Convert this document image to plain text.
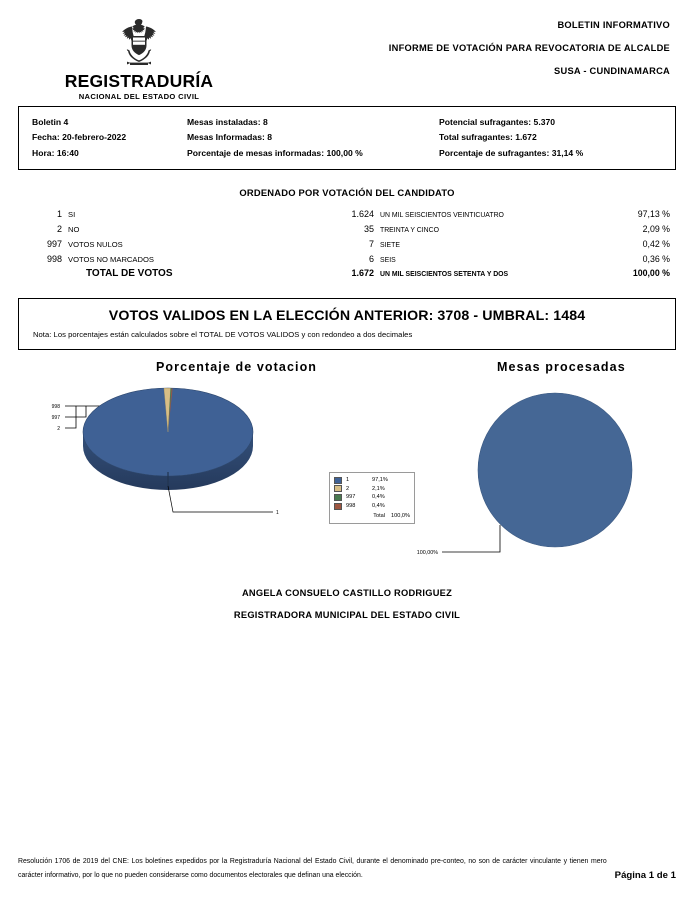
REGISTRADURÍA
NACIONAL DEL ESTADO CIVIL
BOLETIN INFORMATIVO
INFORME DE VOTACIÓN PARA REVOCATORIA DE ALCALDE
SUSA - CUNDINAMARCA
Boletin 4	Mesas instaladas: 8	Potencial sufragantes: 5.370
Fecha: 20-febrero-2022	Mesas Informadas: 8	Total sufragantes: 1.672
Hora: 16:40	Porcentaje de mesas informadas: 100,00 %	Porcentaje de sufragantes: 31,14 %
ORDENADO POR VOTACIÓN DEL CANDIDATO
1	SI	1.624	UN MIL SEISCIENTOS VEINTICUATRO	97,13 %
2	NO	35	TREINTA Y CINCO	2,09 %
997	VOTOS NULOS	7	SIETE	0,42 %
998	VOTOS NO MARCADOS	6	SEIS	0,36 %
	TOTAL DE VOTOS	1.672	UN MIL SEISCIENTOS SETENTA Y DOS	100,00 %
VOTOS VALIDOS EN LA ELECCIÓN ANTERIOR: 3708 - UMBRAL: 1484
Nota: Los porcentajes están calculados sobre el TOTAL DE VOTOS VALIDOS y con redondeo a dos decimales
Porcentaje de votacion	Mesas procesadas
998
997
2
1
100,00%
1	97,1%
2	2,1%
997	0,4%
998	0,4%
Total 100,0%
ANGELA CONSUELO CASTILLO RODRIGUEZ
REGISTRADORA MUNICIPAL DEL ESTADO CIVIL
Resolución 1706 de 2019 del CNE: Los boletines expedidos por la Registraduría Nacional del Estado Civil, durante el denominado pre-conteo, no son de carácter vinculante y tienen mero carácter informativo, por lo que no pueden considerarse como documentos electorales que definan una elección.	Página 1 de 1
